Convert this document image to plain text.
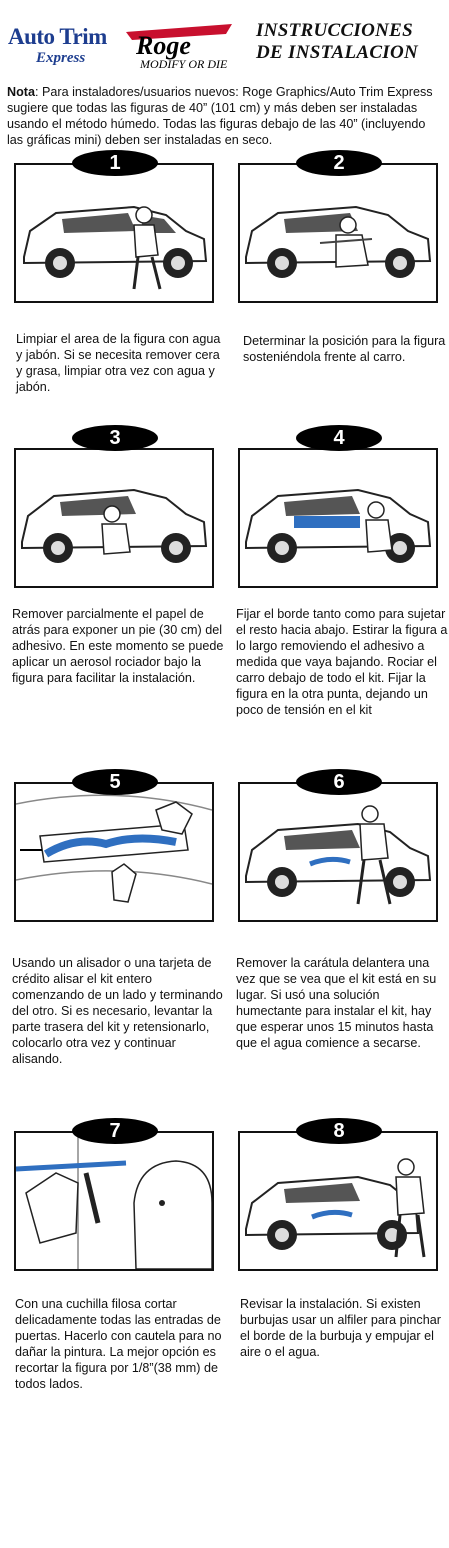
Auto Trim
Express Roge
MODIFY OR DIE
INSTRUCCIONES
DE INSTALACION
Nota: Para instaladores/usuarios nuevos: Roge Graphics/Auto Trim Express sugiere que todas las figuras de 40” (101 cm) y más deben ser instaladas usando el método húmedo. Todas las figuras debajo de las 40” (incluyendo las gráficas mini) deben ser instaladas en seco.
1
Limpiar el area de la figura con agua y jabón. Si se necesita remover cera y grasa, limpiar otra vez con agua y jabón.
2
Determinar la posición para la figura sosteniéndola frente al carro.
3
Remover parcialmente el papel de atrás para exponer un pie (30 cm) del adhesivo. En este momento se puede aplicar un aerosol rociador bajo la figura para facilitar la instalación.
4
Fijar el borde tanto como para sujetar el resto hacia abajo. Estirar la figura a lo largo removiendo el adhesivo a medida que vaya bajando. Rociar el carro debajo de todo el kit. Fijar la figura en la otra punta, dejando un poco de tensión en el kit
5
Usando un alisador o una tarjeta de crédito alisar el kit entero comenzando de un lado y terminando del otro. Si es necesario, levantar la parte trasera del kit y retensionarlo, colocarlo otra vez y continuar alisando.
6
Remover la carátula delantera una vez que se vea que el kit está en su lugar. Si usó una solución humectante para instalar el kit, hay que esperar unos 15 minutos hasta que el agua comience a secarse.
7
Con una cuchilla filosa cortar delicadamente todas las entradas de puertas. Hacerlo con cautela para no dañar la pintura. La mejor opción es recortar la figura por 1/8”(38 mm) de todos lados.
8
Revisar la instalación. Si existen burbujas usar un alfiler para pinchar el borde de la burbuja y empujar el aire o el agua.
